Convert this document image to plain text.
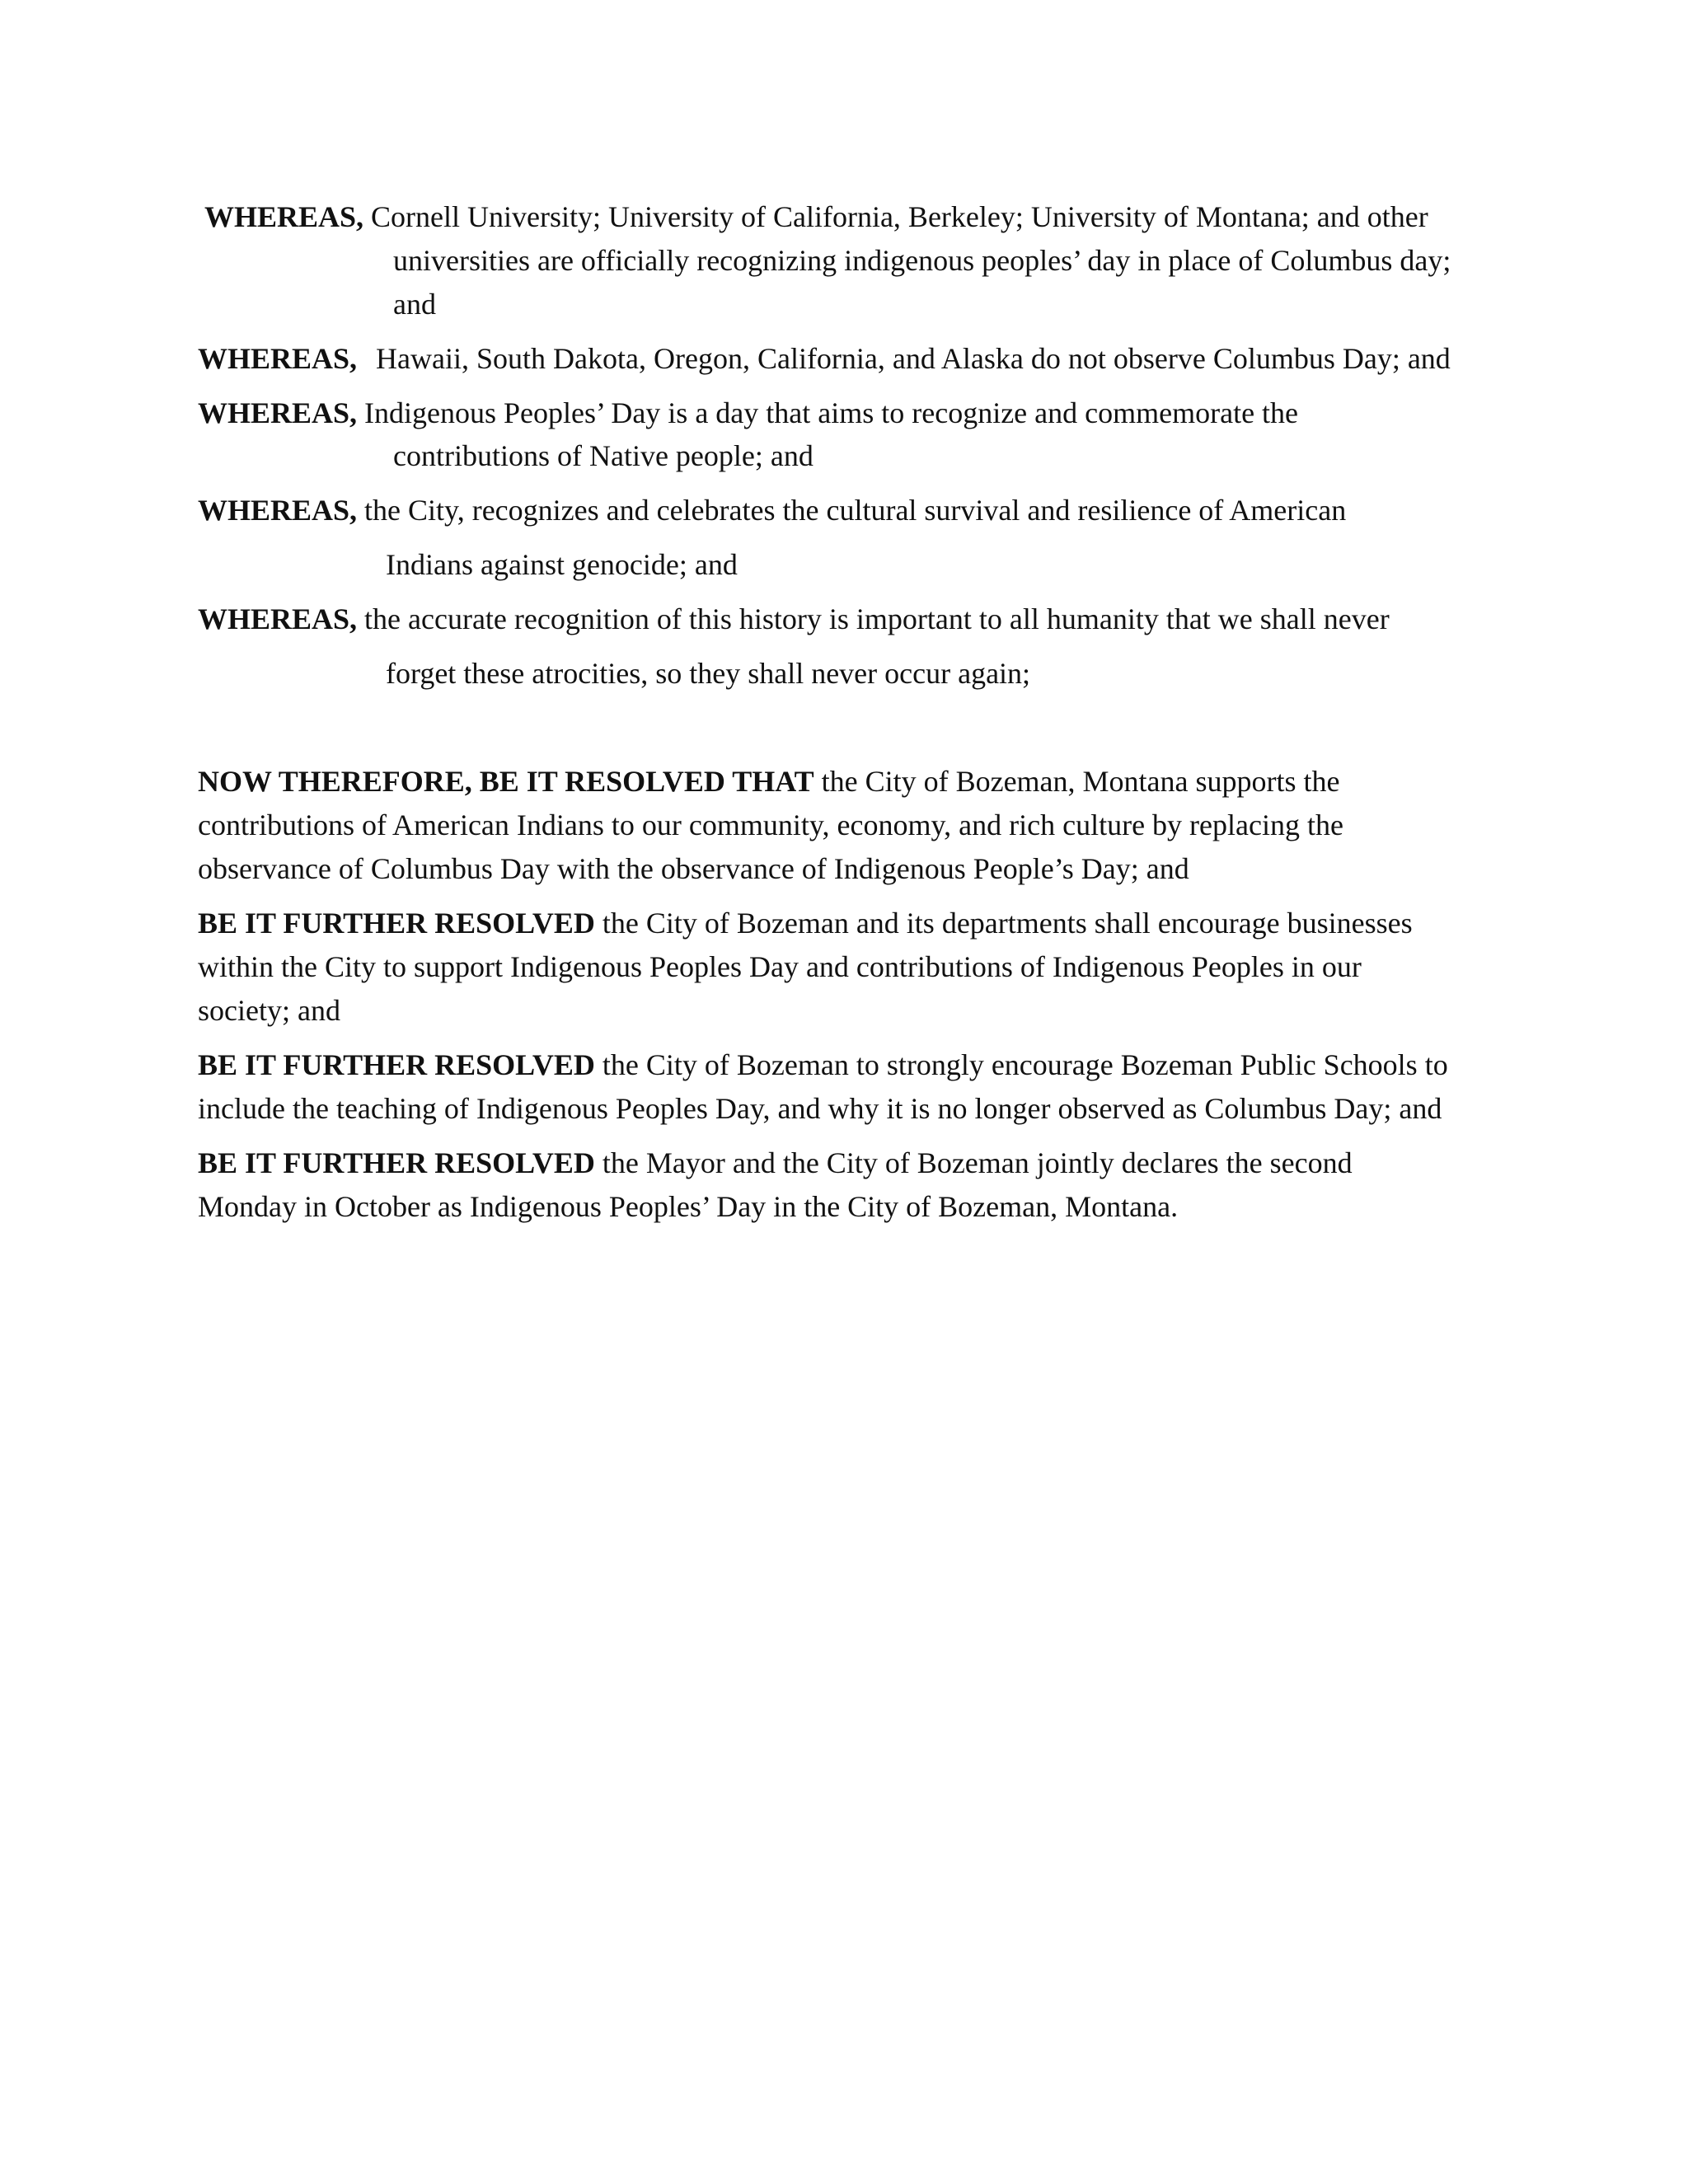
WHEREAS, Cornell University; University of California, Berkeley; University of Montana; and other
universities are officially recognizing indigenous peoples’ day in place of Columbus day;
and
WHEREAS, Hawaii, South Dakota, Oregon, California, and Alaska do not observe Columbus Day; and
WHEREAS, Indigenous Peoples’ Day is a day that aims to recognize and commemorate the
contributions of Native people; and
WHEREAS, the City, recognizes and celebrates the cultural survival and resilience of American
Indians against genocide; and
WHEREAS, the accurate recognition of this history is important to all humanity that we shall never
forget these atrocities, so they shall never occur again;
NOW THEREFORE, BE IT RESOLVED THAT the City of Bozeman, Montana supports the
contributions of American Indians to our community, economy, and rich culture by replacing the
observance of Columbus Day with the observance of Indigenous People’s Day; and
BE IT FURTHER RESOLVED the City of Bozeman and its departments shall encourage businesses
within the City to support Indigenous Peoples Day and contributions of Indigenous Peoples in our
society; and
BE IT FURTHER RESOLVED the City of Bozeman to strongly encourage Bozeman Public Schools to
include the teaching of Indigenous Peoples Day, and why it is no longer observed as Columbus Day; and
BE IT FURTHER RESOLVED the Mayor and the City of Bozeman jointly declares the second
Monday in October as Indigenous Peoples’ Day in the City of Bozeman, Montana.
